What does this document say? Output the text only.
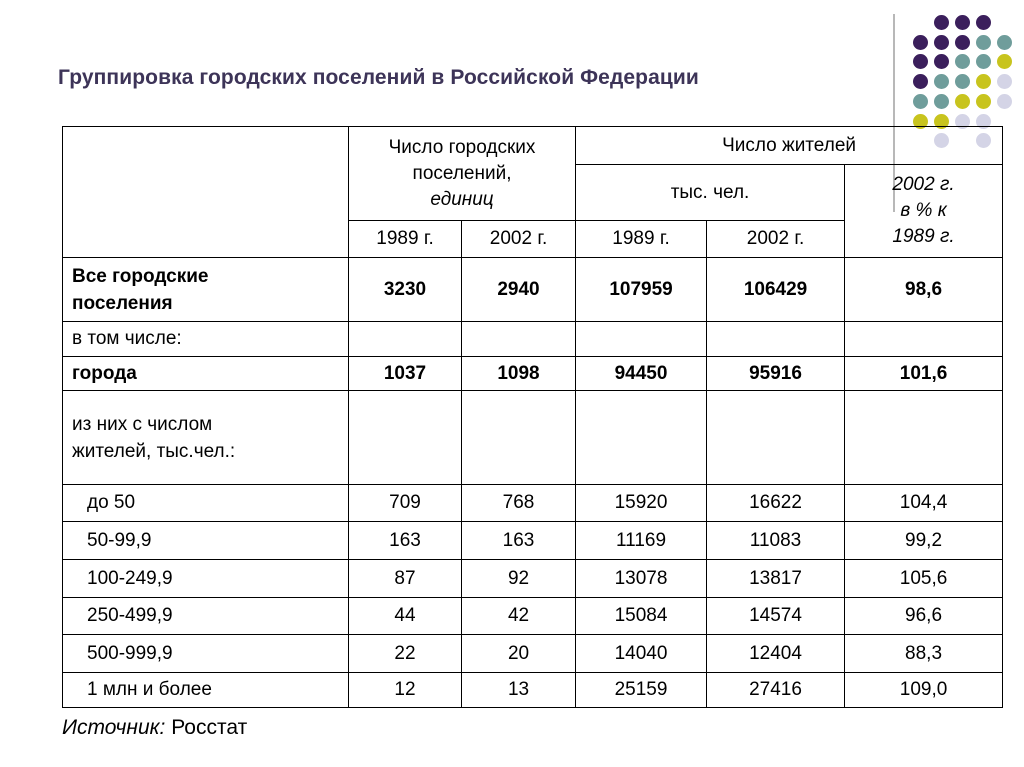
Группировка городских поселений в Российской Федерации

	Число городских поселений,
единиц		Число жителей		
			тыс. чел.		2002 г.
в % к
1989 г.

	1989 г.	2002 г.	1989 г.	2002 г.	
Все городские поселения	3230	2940	107959	106429	98,6
в том числе:					
города	1037	1098	94450	95916	101,6
из них с числом жителей, тыс.чел.:					
до 50	709	768	15920	16622	104,4
50-99,9	163	163	11169	11083	99,2
100-249,9	87	92	13078	13817	105,6
250-499,9	44	42	15084	14574	96,6
500-999,9	22	20	14040	12404	88,3
1 млн и более	12	13	25159	27416	109,0
Источник: Росстат
